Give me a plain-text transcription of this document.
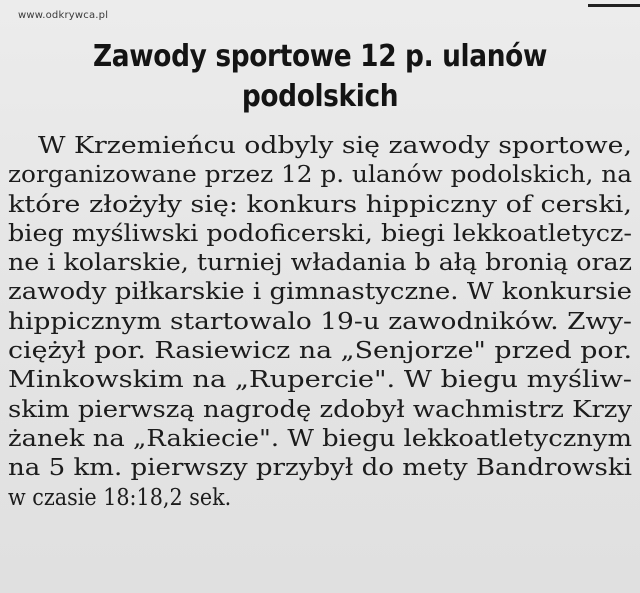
www.odkrywca.pl
Zawody sportowe 12 p. ulanów
podolskich
W Krzemieńcu odbyly się zawody sportowe,
zorganizowane przez 12 p. ulanów podolskich, na
które złożyły się: konkurs hippiczny of cerski,
bieg myśliwski podoficerski, biegi lekkoatletycz-
ne i kolarskie, turniej władania b ałą bronią oraz
zawody piłkarskie i gimnastyczne. W konkursie
hippicznym startowalo 19-u zawodników. Zwy-
ciężył por. Rasiewicz na „Senjorze" przed por.
Minkowskim na „Rupercie". W biegu myśliw-
skim pierwszą nagrodę zdobył wachmistrz Krzy
żanek na „Rakiecie". W biegu lekkoatletycznym
na 5 km. pierwszy przybył do mety Bandrowski
w czasie 18:18,2 sek.
